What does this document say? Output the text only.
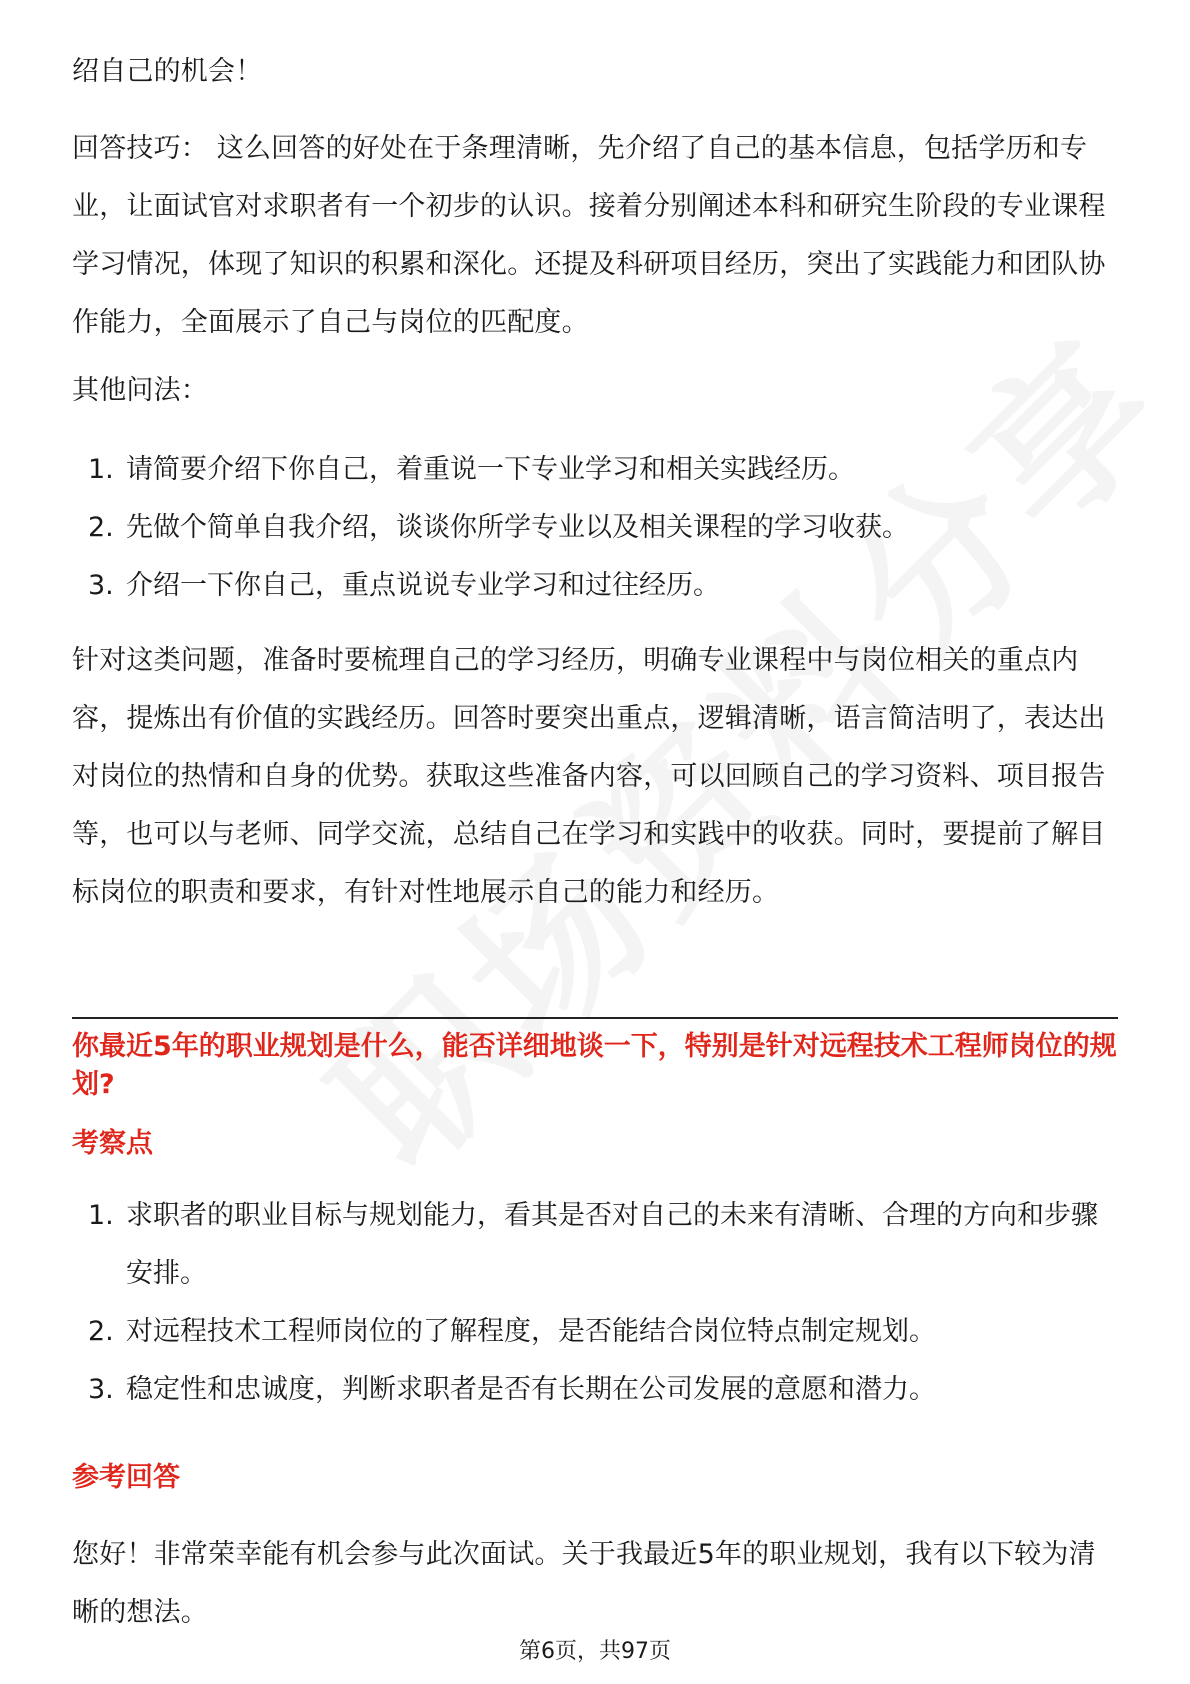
绍自己的机会！

回答技巧： 这么回答的好处在于条理清晰，先介绍了自己的基本信息，包括学历和专业，让面试官对求职者有一个初步的认识。接着分别阐述本科和研究生阶段的专业课程学习情况，体现了知识的积累和深化。还提及科研项目经历，突出了实践能力和团队协作能力，全面展示了自己与岗位的匹配度。

其他问法：

1. 请简要介绍下你自己，着重说一下专业学习和相关实践经历。
2. 先做个简单自我介绍，谈谈你所学专业以及相关课程的学习收获。
3. 介绍一下你自己，重点说说专业学习和过往经历。

针对这类问题，准备时要梳理自己的学习经历，明确专业课程中与岗位相关的重点内容，提炼出有价值的实践经历。回答时要突出重点，逻辑清晰，语言简洁明了，表达出对岗位的热情和自身的优势。获取这些准备内容，可以回顾自己的学习资料、项目报告等，也可以与老师、同学交流，总结自己在学习和实践中的收获。同时，要提前了解目标岗位的职责和要求，有针对性地展示自己的能力和经历。

你最近5年的职业规划是什么，能否详细地谈一下，特别是针对远程技术工程师岗位的规划?

考察点

1. 求职者的职业目标与规划能力，看其是否对自己的未来有清晰、合理的方向和步骤安排。
2. 对远程技术工程师岗位的了解程度，是否能结合岗位特点制定规划。
3. 稳定性和忠诚度，判断求职者是否有长期在公司发展的意愿和潜力。

参考回答

您好！非常荣幸能有机会参与此次面试。关于我最近5年的职业规划，我有以下较为清晰的想法。

第6页，共97页
